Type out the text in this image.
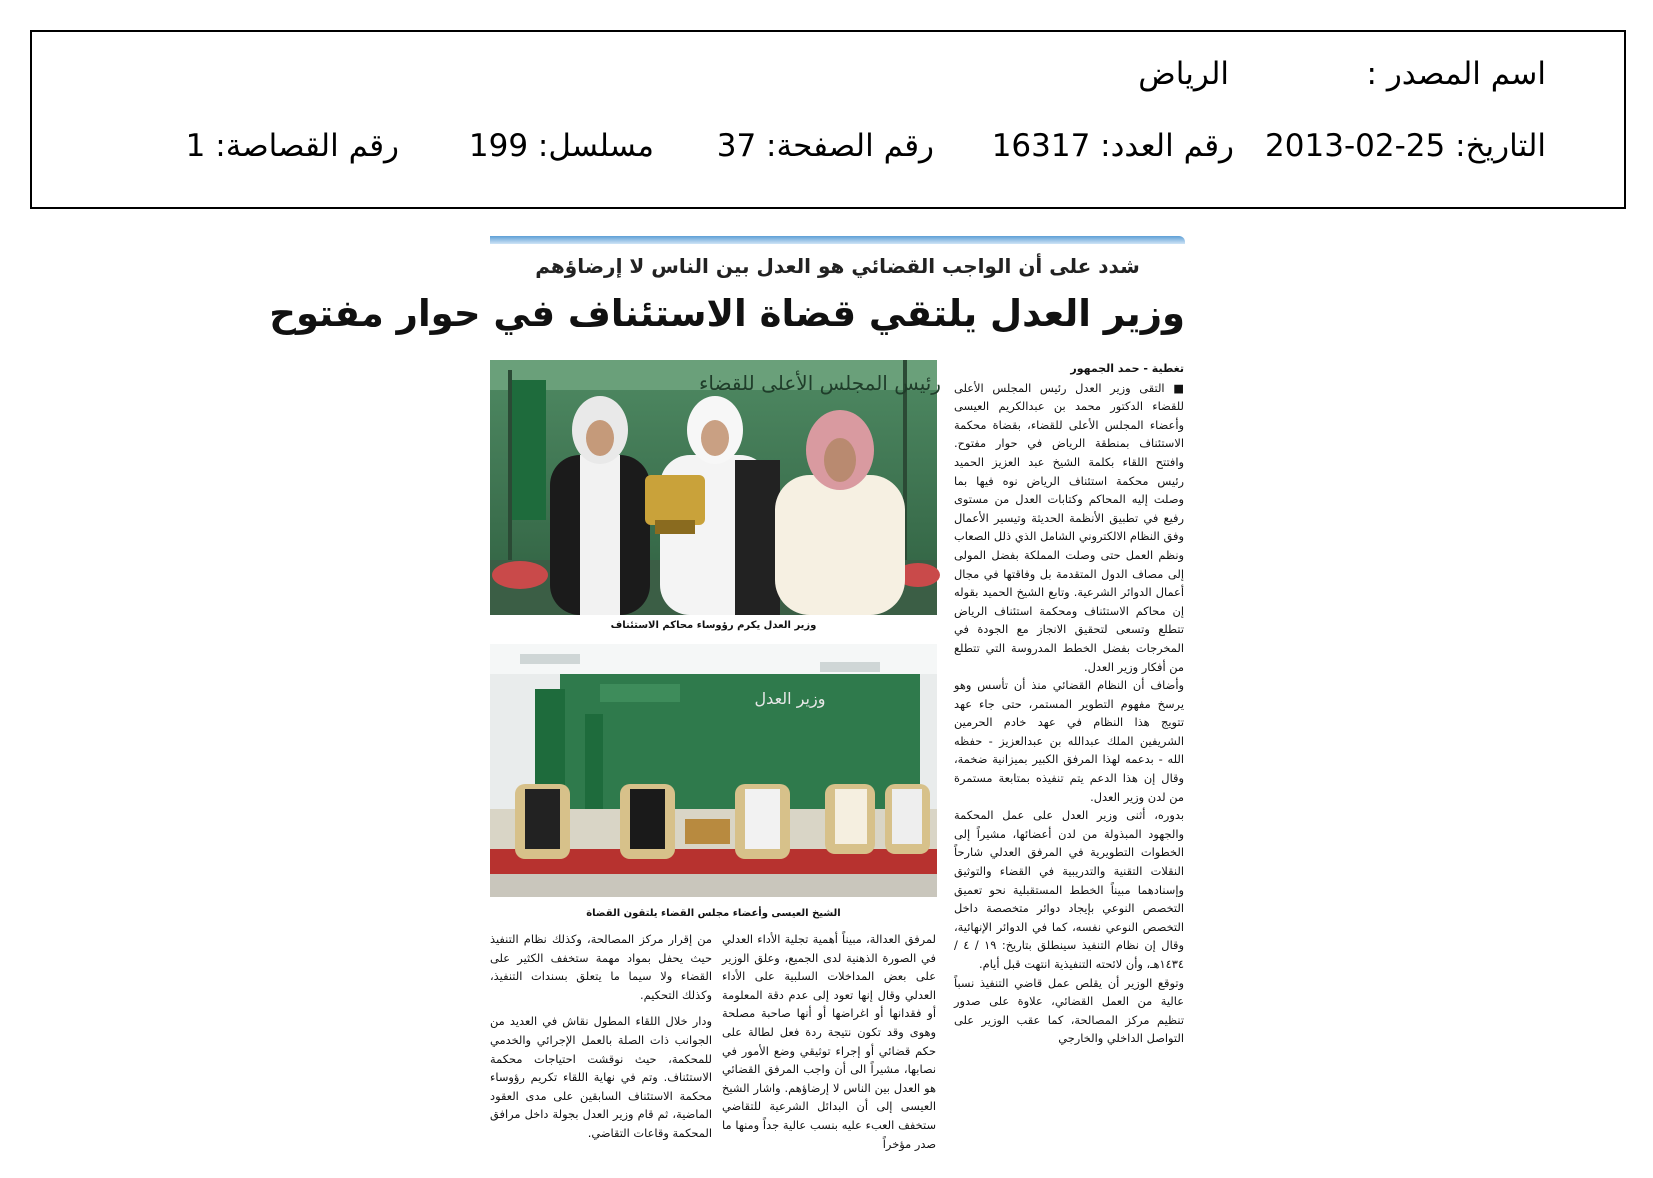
اسم المصدر :
الرياض
التاريخ: 25-02-2013
رقم العدد: 16317
رقم الصفحة: 37
مسلسل: 199
رقم القصاصة: 1
شدد على أن الواجب القضائي هو العدل بين الناس لا إرضاؤهم
وزير العدل يلتقي قضاة الاستئناف في حوار مفتوح
رئيس المجلس الأعلى للقضاء
وزير العدل يكرم رؤوساء محاكم الاستئناف
وزير العدل
الشيخ العيسى وأعضاء مجلس القضاء يلتقون القضاة

تغطية - حمد الجمهور

■ التقى وزير العدل رئيس المجلس الأعلى للقضاء الدكتور محمد بن عبدالكريم العيسى وأعضاء المجلس الأعلى للقضاء، بقضاة محكمة الاستئناف بمنطقة الرياض في حوار مفتوح. وافتتح اللقاء بكلمة الشيخ عبد العزيز الحميد رئيس محكمة استئناف الرياض نوه فيها بما وصلت إليه المحاكم وكتابات العدل من مستوى رفيع في تطبيق الأنظمة الحديثة وتيسير الأعمال وفق النظام الالكتروني الشامل الذي ذلل الصعاب ونظم العمل حتى وصلت المملكة بفضل المولى إلى مصاف الدول المتقدمة بل وفاقتها في مجال أعمال الدوائر الشرعية. وتابع الشيخ الحميد بقوله إن محاكم الاستئناف ومحكمة استئناف الرياض تتطلع وتسعى لتحقيق الانجاز مع الجودة في المخرجات بفضل الخطط المدروسة التي تتطلع من أفكار وزير العدل.

وأضاف أن النظام القضائي منذ أن تأسس وهو يرسخ مفهوم التطوير المستمر، حتى جاء عهد تتويج هذا النظام في عهد خادم الحرمين الشريفين الملك عبدالله بن عبدالعزيز - حفظه الله - بدعمه لهذا المرفق الكبير بميزانية ضخمة، وقال إن هذا الدعم يتم تنفيذه بمتابعة مستمرة من لدن وزير العدل.

بدوره، أثنى وزير العدل على عمل المحكمة والجهود المبذولة من لدن أعضائها، مشيراً إلى الخطوات التطويرية في المرفق العدلي شارحاً النقلات التقنية والتدريبية في القضاء والتوثيق وإسنادهما مبيناً الخطط المستقبلية نحو تعميق التخصص النوعي بإيجاد دوائر متخصصة داخل التخصص النوعي نفسه، كما في الدوائر الإنهائية، وقال إن نظام التنفيذ سينطلق بتاريخ: ١٩ / ٤ / ١٤٣٤هـ، وأن لائحته التنفيذية انتهت قبل أيام.

وتوقع الوزير أن يقلص عمل قاضي التنفيذ نسباً عالية من العمل القضائي، علاوة على صدور تنظيم مركز المصالحة، كما عقب الوزير على التواصل الداخلي والخارجي

لمرفق العدالة، مبيناً أهمية تجلية الأداء العدلي في الصورة الذهنية لدى الجميع، وعلق الوزير على بعض المداخلات السلبية على الأداء العدلي وقال إنها تعود إلى عدم دقة المعلومة أو فقدانها أو اغراضها أو أنها صاحبة مصلحة وهوى وقد تكون نتيجة ردة فعل لطالة على حكم قضائي أو إجراء توثيقي وضع الأمور في نصابها، مشيراً الى أن واجب المرفق القضائي هو العدل بين الناس لا إرضاؤهم. واشار الشيخ العيسى إلى أن البدائل الشرعية للتقاضي ستخفف العبء عليه بنسب عالية جداً ومنها ما صدر مؤخراً

من إقرار مركز المصالحة، وكذلك نظام التنفيذ حيث يحفل بمواد مهمة ستخفف الكثير على القضاء ولا سيما ما يتعلق بسندات التنفيذ، وكذلك التحكيم.

ودار خلال اللقاء المطول نقاش في العديد من الجوانب ذات الصلة بالعمل الإجرائي والخدمي للمحكمة، حيث نوقشت احتياجات محكمة الاستئناف. وتم في نهاية اللقاء تكريم رؤوساء محكمة الاستئناف السابقين على مدى العقود الماضية، ثم قام وزير العدل بجولة داخل مرافق المحكمة وقاعات التقاضي.
